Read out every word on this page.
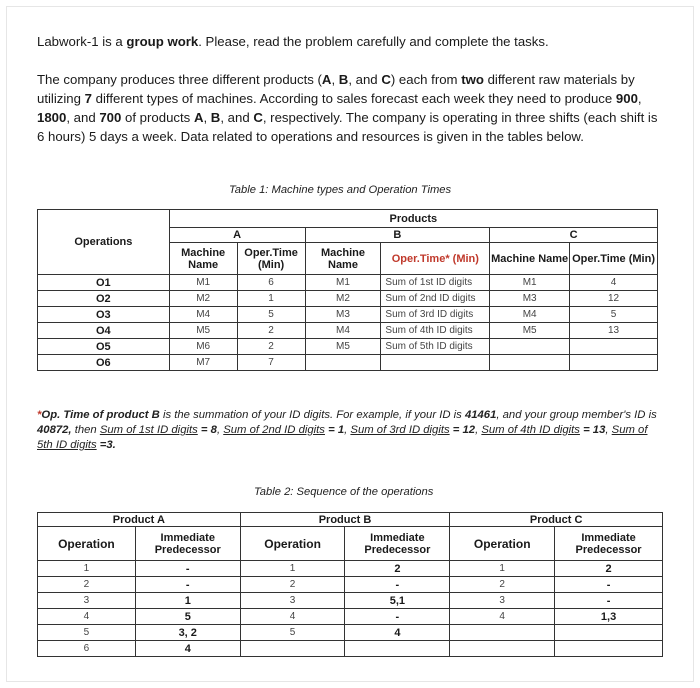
Labwork-1 is a group work. Please, read the problem carefully and complete the tasks.

The company produces three different products (A, B, and C) each from two different raw materials by utilizing 7 different types of machines. According to sales forecast each week they need to produce 900, 1800, and 700 of products A, B, and C, respectively. The company is operating in three shifts (each shift is 6 hours) 5 days a week. Data related to operations and resources is given in the tables below.

Table 1: Machine types and Operation Times
Operations	Products					
	A		B		C	
	Machine Name	Oper.Time (Min)	Machine Name	Oper.Time* (Min)	Machine Name	Oper.Time (Min)
O1	M1	6	M1	Sum of 1st ID digits	M1	4
O2	M2	1	M2	Sum of 2nd ID digits	M3	12
O3	M4	5	M3	Sum of 3rd ID digits	M4	5
O4	M5	2	M4	Sum of 4th ID digits	M5	13
O5	M6	2	M5	Sum of 5th ID digits		
O6	M7	7				

*Op. Time of product B is the summation of your ID digits. For example, if your ID is 41461, and your group member's ID is 40872, then Sum of 1st ID digits = 8, Sum of 2nd ID digits = 1, Sum of 3rd ID digits = 12, Sum of 4th ID digits = 13, Sum of 5th ID digits =3.

Table 2: Sequence of the operations
Product A		Product B		Product C	
Operation	Immediate Predecessor	Operation	Immediate Predecessor	Operation	Immediate Predecessor
1	-	1	2	1	2
2	-	2	-	2	-
3	1	3	5,1	3	-
4	5	4	-	4	1,3
5	3, 2	5	4		
6	4				
